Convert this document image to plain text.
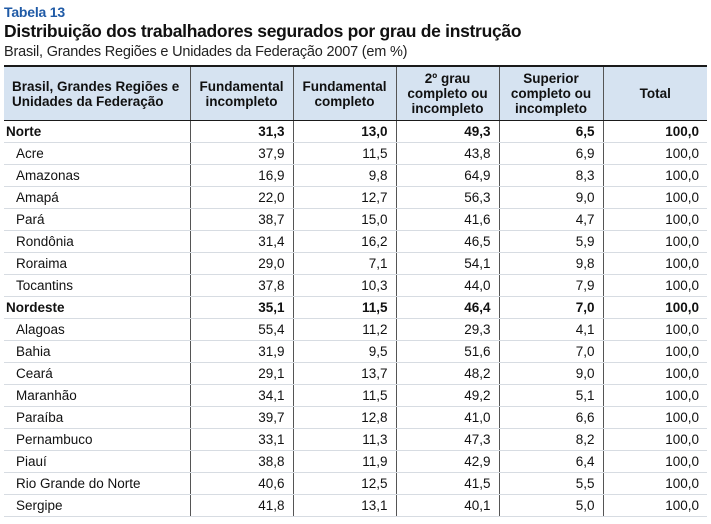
Tabela 13
Distribuição dos trabalhadores segurados por grau de instrução
Brasil, Grandes Regiões e Unidades da Federação 2007 (em %)
Brasil, Grandes Regiões e Unidades da Federação	Fundamental incompleto	Fundamental completo	2º grau completo ou incompleto	Superior completo ou incompleto	Total
Norte	31,3	13,0	49,3	6,5	100,0
Acre	37,9	11,5	43,8	6,9	100,0
Amazonas	16,9	9,8	64,9	8,3	100,0
Amapá	22,0	12,7	56,3	9,0	100,0
Pará	38,7	15,0	41,6	4,7	100,0
Rondônia	31,4	16,2	46,5	5,9	100,0
Roraima	29,0	7,1	54,1	9,8	100,0
Tocantins	37,8	10,3	44,0	7,9	100,0
Nordeste	35,1	11,5	46,4	7,0	100,0
Alagoas	55,4	11,2	29,3	4,1	100,0
Bahia	31,9	9,5	51,6	7,0	100,0
Ceará	29,1	13,7	48,2	9,0	100,0
Maranhão	34,1	11,5	49,2	5,1	100,0
Paraíba	39,7	12,8	41,0	6,6	100,0
Pernambuco	33,1	11,3	47,3	8,2	100,0
Piauí	38,8	11,9	42,9	6,4	100,0
Rio Grande do Norte	40,6	12,5	41,5	5,5	100,0
Sergipe	41,8	13,1	40,1	5,0	100,0
